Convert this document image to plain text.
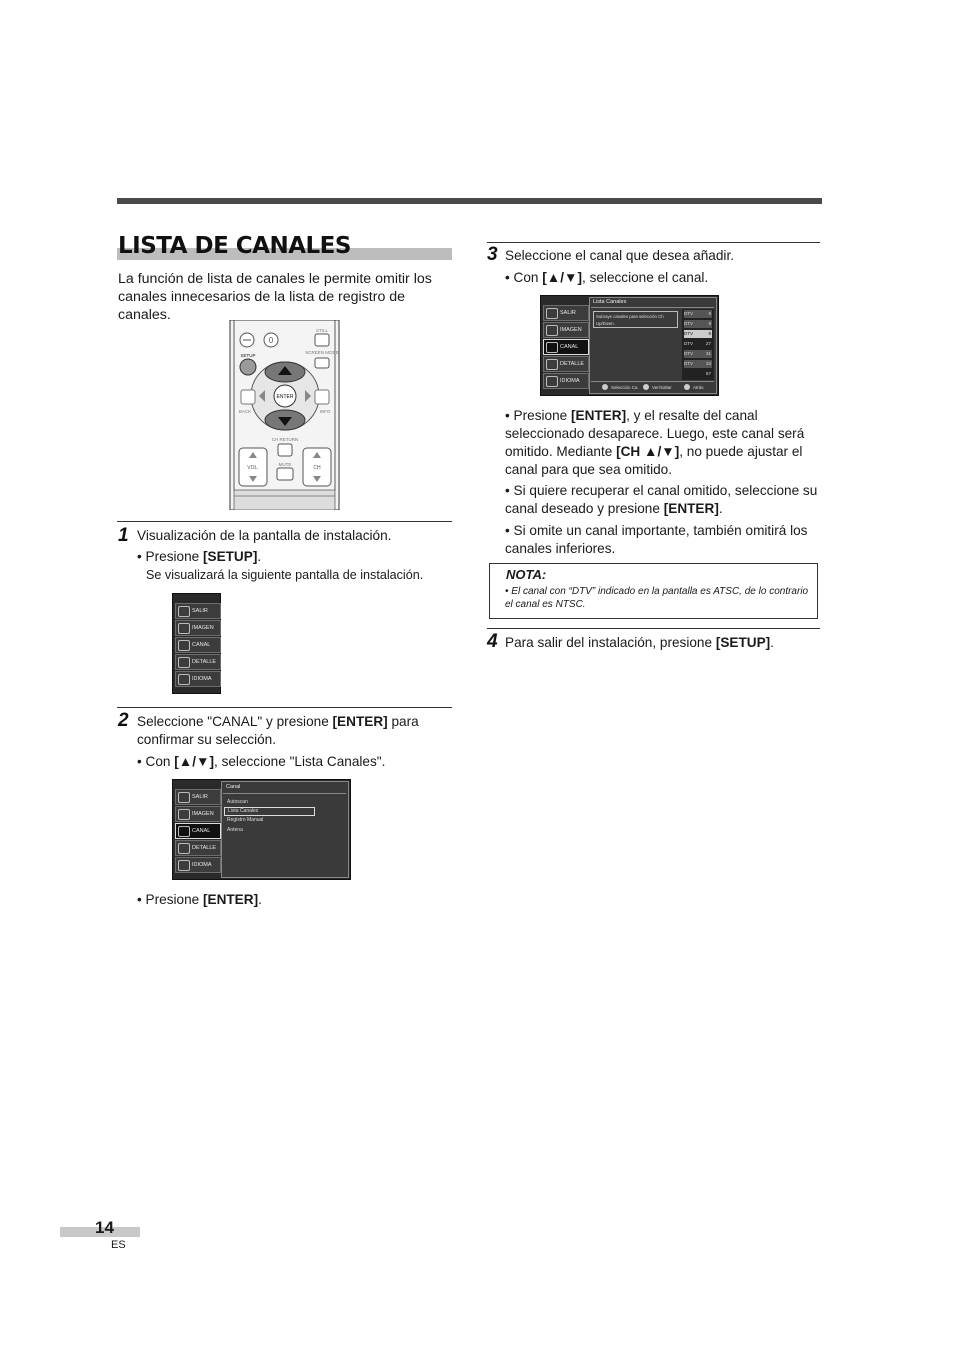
LISTA DE CANALES
La función de lista de canales le permite omitir los canales innecesarios de la lista de registro de canales.
0
STILL
SCREEN MODE
SETUP
ENTER
BACK	INFO
CH RETURN
VOL.	CH
MUTE
1 Visualización de la pantalla de instalación.
• Presione [SETUP].
Se visualizará la siguiente pantalla de instalación.
SALIR
IMAGEN
CANAL
DETALLE
IDIOMA
2 Seleccione "CANAL" y presione [ENTER] para confirmar su selección.
• Con [▲/▼], seleccione "Lista Canales".
SALIR
IMAGEN
CANAL
DETALLE
IDIOMA
Canal
Autoscan
Lista Canales
Registro Manual
Antena
• Presione [ENTER].
3 Seleccione el canal que desea añadir.
• Con [▲/▼], seleccione el canal.
SALIR
IMAGEN
CANAL
DETALLE
IDIOMA
Lista Canales
Subraye canales para selección Ch Up/Down.
DTV	9
DTV	9
DTV	9
DTV	27
DTV	31
DTV	33
67
Selección Ca	Ver/Saltar	Atrás
• Presione [ENTER], y el resalte del canal seleccionado desaparece. Luego, este canal será omitido. Mediante [CH ▲/▼], no puede ajustar el canal para que sea omitido.
• Si quiere recuperar el canal omitido, seleccione su canal deseado y presione [ENTER].
• Si omite un canal importante, también omitirá los canales inferiores.
NOTA:
• El canal con “DTV” indicado en la pantalla es ATSC, de lo contrario el canal es NTSC.
4 Para salir del instalación, presione [SETUP].
14
ES
